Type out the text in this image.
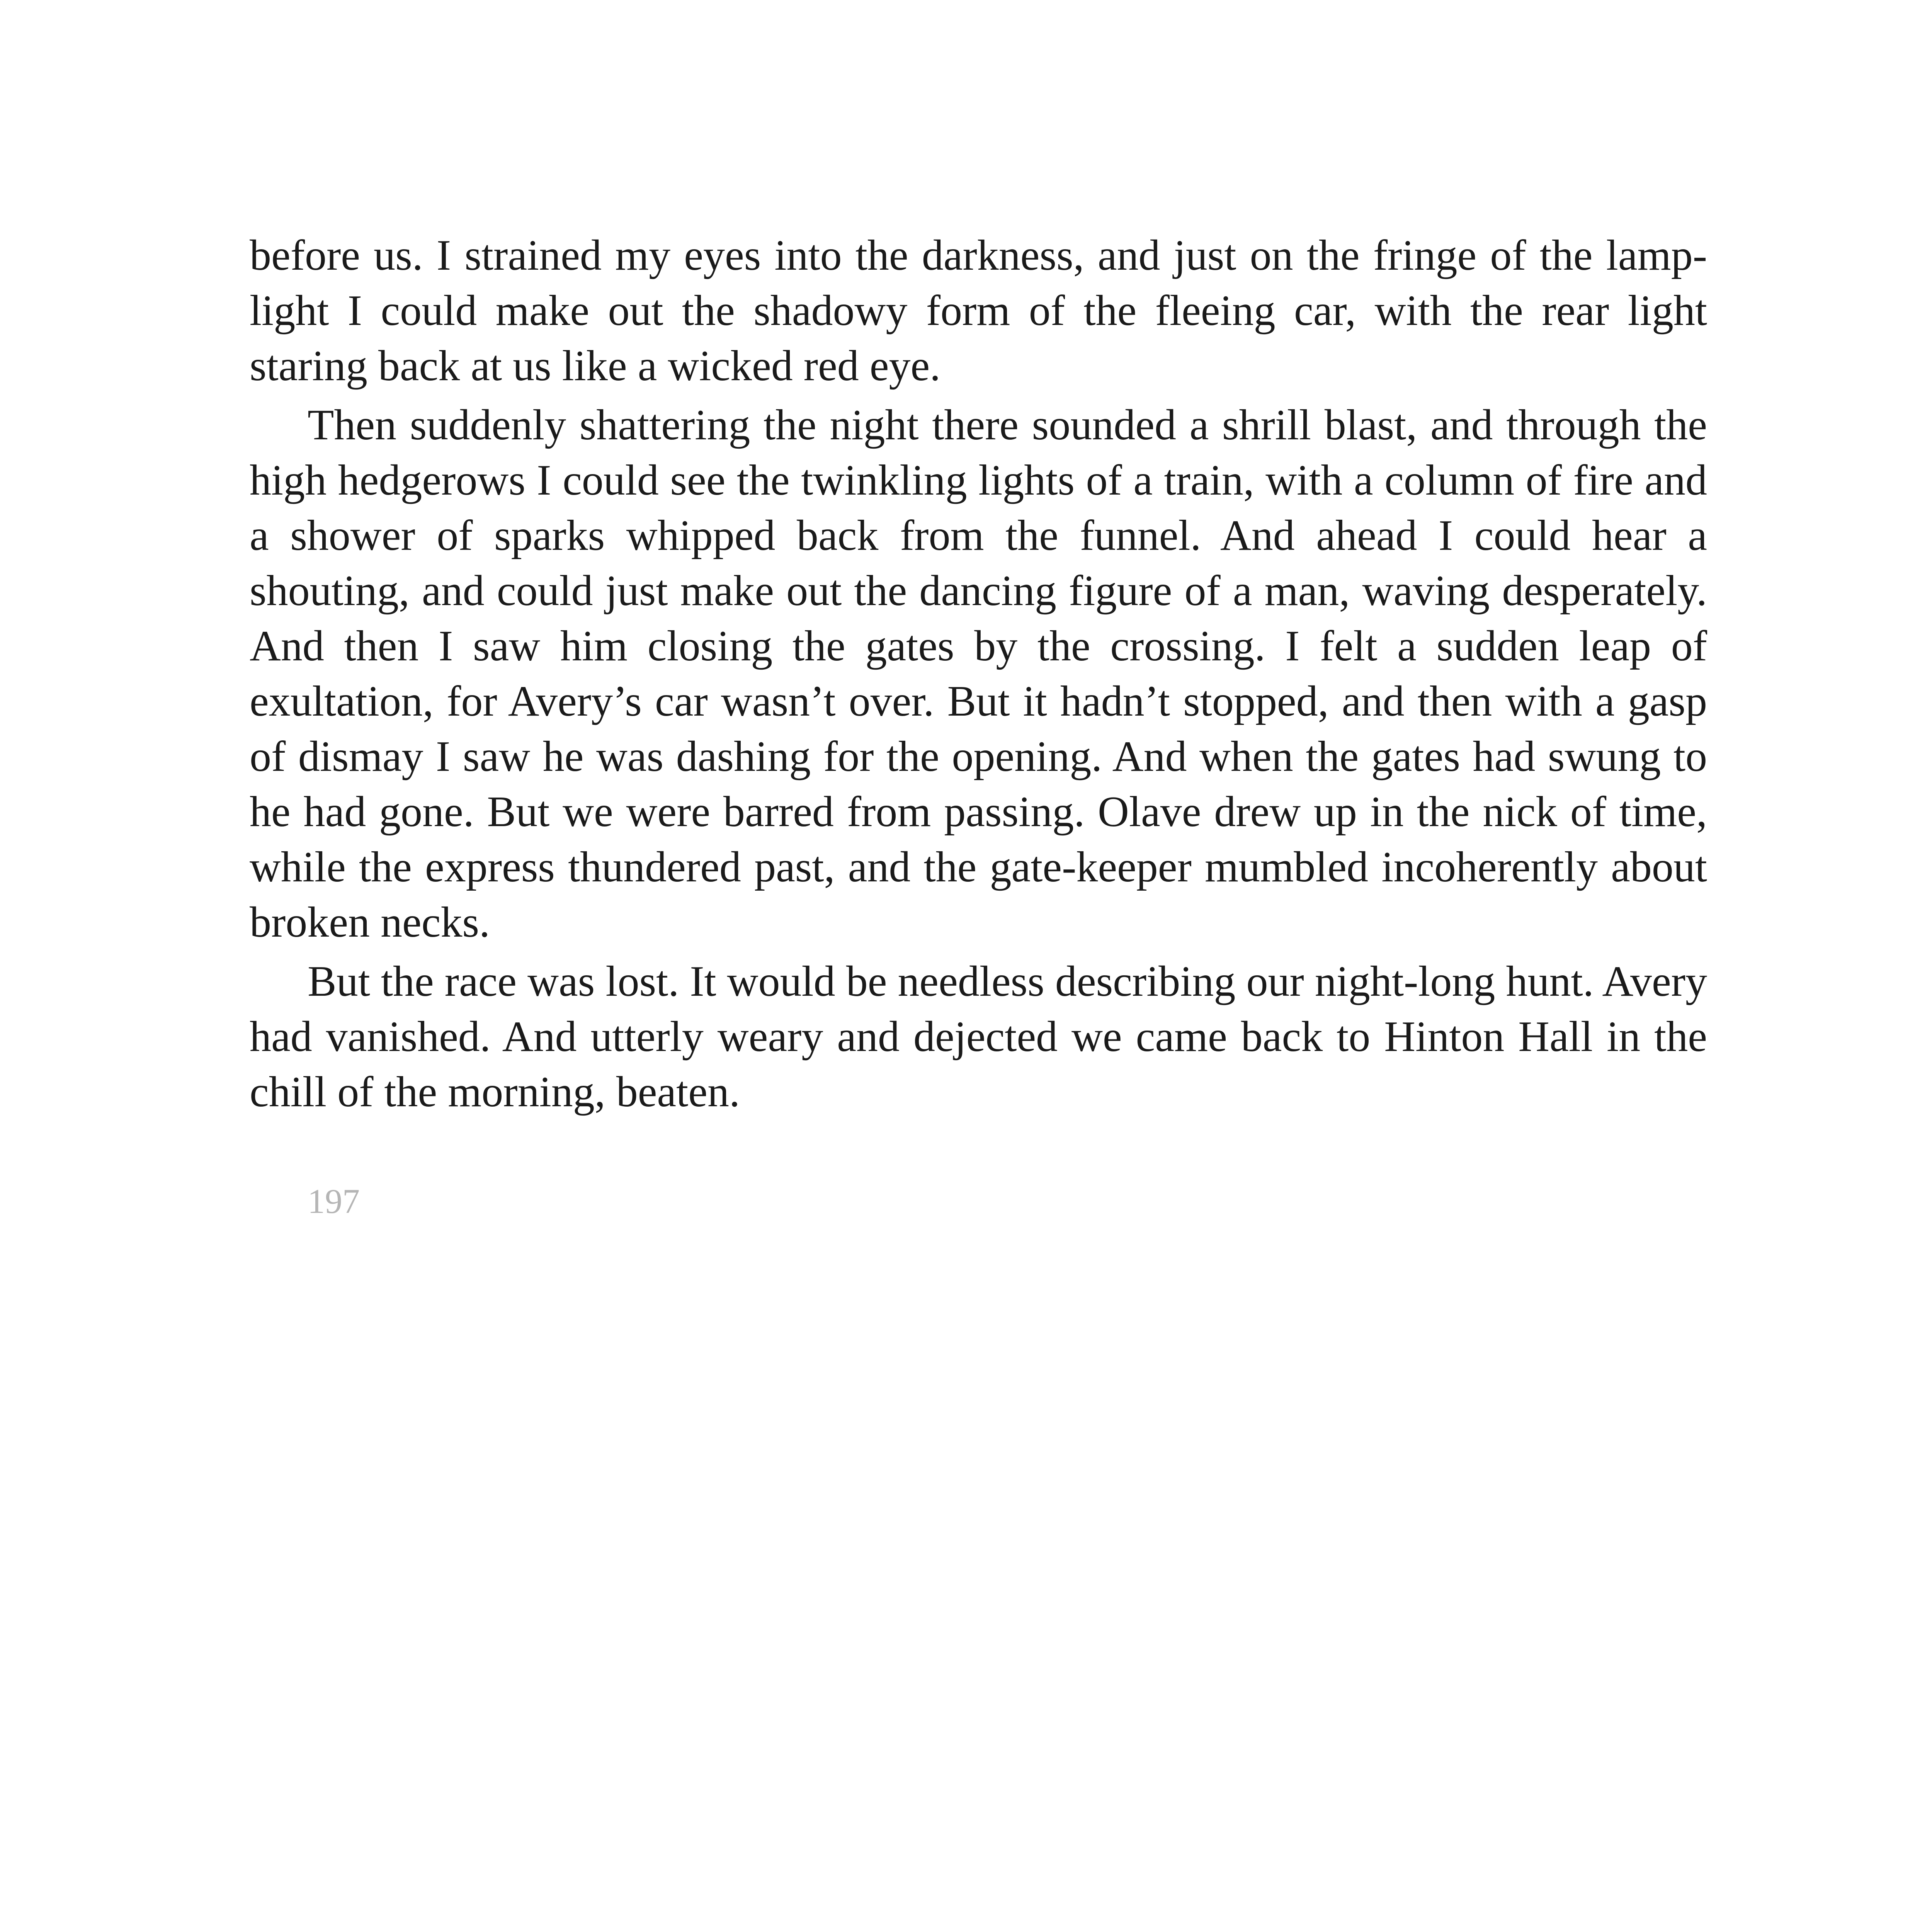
before us. I strained my eyes into the darkness, and just on the fringe of the lamp-light I could make out the shadowy form of the fleeing car, with the rear light staring back at us like a wicked red eye.

Then suddenly shattering the night there sounded a shrill blast, and through the high hedgerows I could see the twinkling lights of a train, with a column of fire and a shower of sparks whipped back from the funnel. And ahead I could hear a shouting, and could just make out the dancing figure of a man, waving desperately. And then I saw him closing the gates by the crossing. I felt a sudden leap of exultation, for Avery’s car wasn’t over. But it hadn’t stopped, and then with a gasp of dismay I saw he was dashing for the opening. And when the gates had swung to he had gone. But we were barred from passing. Olave drew up in the nick of time, while the express thundered past, and the gate-keeper mumbled incoherently about broken necks.

But the race was lost. It would be needless describing our night-long hunt. Avery had vanished. And utterly weary and dejected we came back to Hinton Hall in the chill of the morning, beaten.

197
